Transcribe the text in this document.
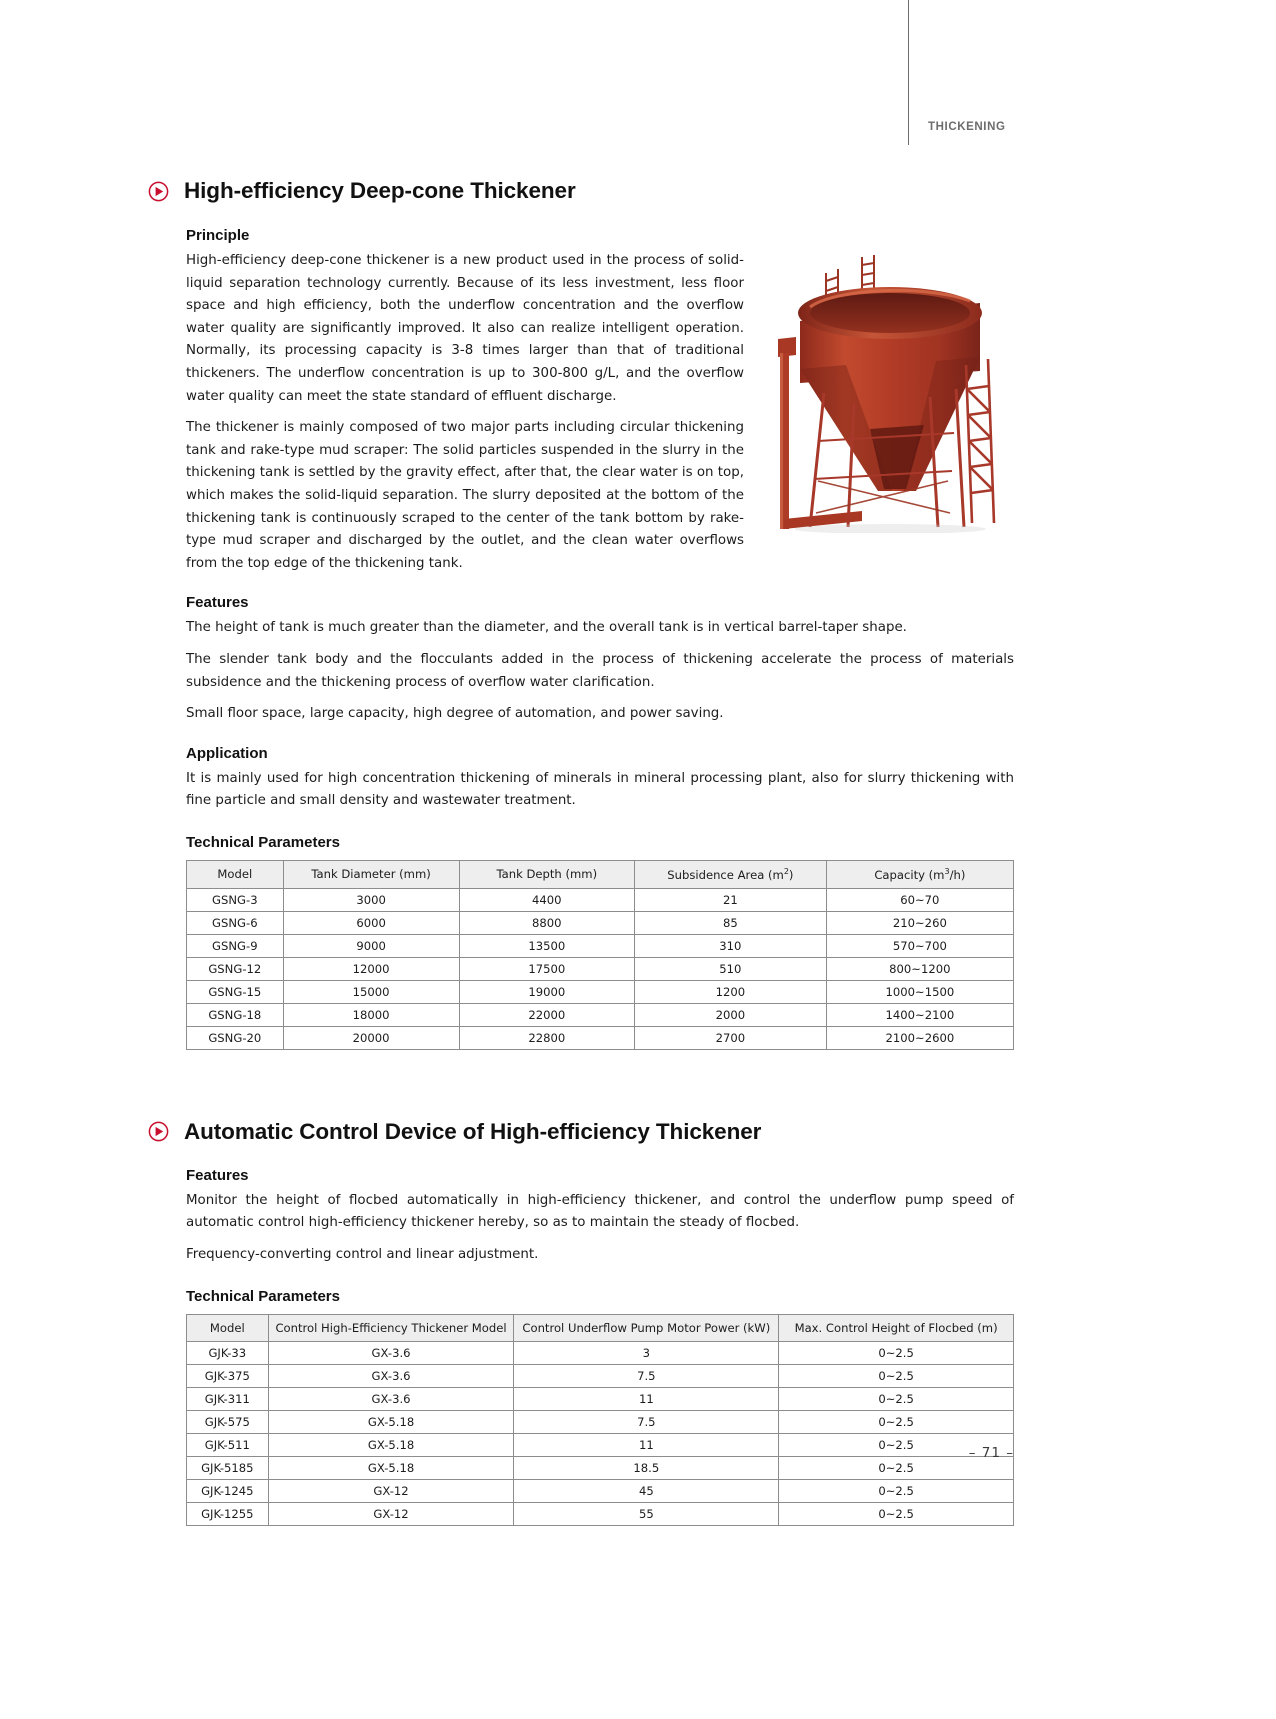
THICKENING
High-efficiency Deep-cone Thickener
Principle

High-efficiency deep-cone thickener is a new product used in the process of solid-liquid separation technology currently. Because of its less investment, less floor space and high efficiency, both the underflow concentration and the overflow water quality are significantly improved. It also can realize intelligent operation. Normally, its processing capacity is 3-8 times larger than that of traditional thickeners. The underflow concentration is up to 300-800 g/L, and the overflow water quality can meet the state standard of effluent discharge.

The thickener is mainly composed of two major parts including circular thickening tank and rake-type mud scraper: The solid particles suspended in the slurry in the thickening tank is settled by the gravity effect, after that, the clear water is on top, which makes the solid-liquid separation. The slurry deposited at the bottom of the thickening tank is continuously scraped to the center of the tank bottom by rake-type mud scraper and discharged by the outlet, and the clean water overflows from the top edge of the thickening tank.

Features

The height of tank is much greater than the diameter, and the overall tank is in vertical barrel-taper shape.

The slender tank body and the flocculants added in the process of thickening accelerate the process of materials subsidence and the thickening process of overflow water clarification.

Small floor space, large capacity, high degree of automation, and power saving.

Application

It is mainly used for high concentration thickening of minerals in mineral processing plant, also for slurry thickening with fine particle and small density and wastewater treatment.

Technical Parameters
Model	Tank Diameter (mm)	Tank Depth (mm)	Subsidence Area $(m^2)$	Capacity $(m^3/h)$
GSNG-3	3000	4400	21	60~70
GSNG-6	6000	8800	85	210~260
GSNG-9	9000	13500	310	570~700
GSNG-12	12000	17500	510	800~1200
GSNG-15	15000	19000	1200	1000~1500
GSNG-18	18000	22000	2000	1400~2100
GSNG-20	20000	22800	2700	2100~2600
Automatic Control Device of High-efficiency Thickener
Features

Monitor the height of flocbed automatically in high-efficiency thickener, and control the underflow pump speed of automatic control high-efficiency thickener hereby, so as to maintain the steady of flocbed.

Frequency-converting control and linear adjustment.

Technical Parameters
Model	Control High-Efficiency Thickener Model	Control Underflow Pump Motor Power (kW)	Max. Control Height of Flocbed (m)
GJK-33	GX-3.6	3	0~2.5
GJK-375	GX-3.6	7.5	0~2.5
GJK-311	GX-3.6	11	0~2.5
GJK-575	GX-5.18	7.5	0~2.5
GJK-511	GX-5.18	11	0~2.5
GJK-5185	GX-5.18	18.5	0~2.5
GJK-1245	GX-12	45	0~2.5
GJK-1255	GX-12	55	0~2.5
– 71 –
